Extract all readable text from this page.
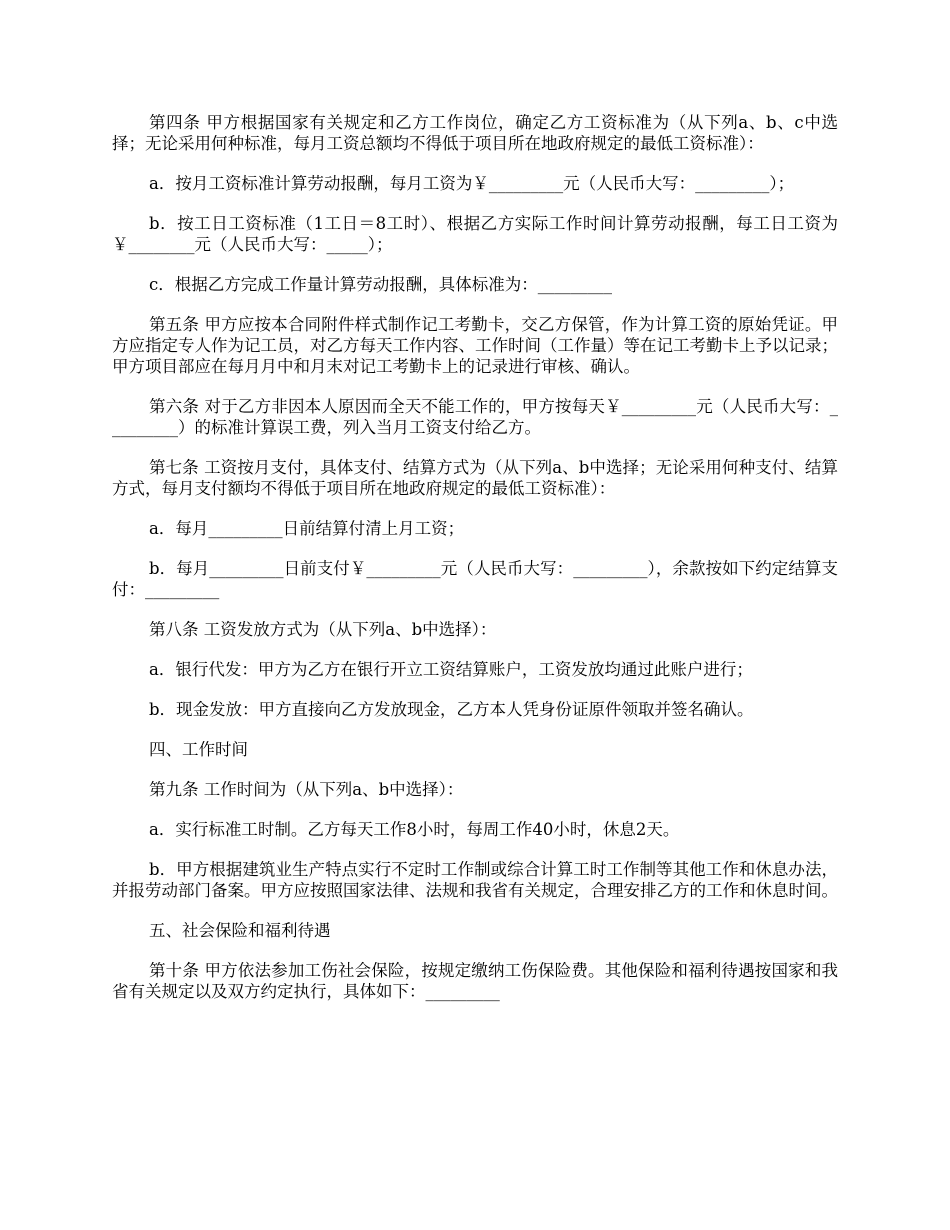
第四条 甲方根据国家有关规定和乙方工作岗位，确定乙方工资标准为（从下列a、b、c中选择；无论采用何种标准，每月工资总额均不得低于项目所在地政府规定的最低工资标准）：

a．按月工资标准计算劳动报酬，每月工资为￥_________元（人民币大写：_________）；

b．按工日工资标准（1工日＝8工时）、根据乙方实际工作时间计算劳动报酬，每工日工资为￥________元（人民币大写：_____）；

c．根据乙方完成工作量计算劳动报酬，具体标准为：_________

第五条 甲方应按本合同附件样式制作记工考勤卡，交乙方保管，作为计算工资的原始凭证。甲方应指定专人作为记工员，对乙方每天工作内容、工作时间（工作量）等在记工考勤卡上予以记录；甲方项目部应在每月月中和月末对记工考勤卡上的记录进行审核、确认。

第六条 对于乙方非因本人原因而全天不能工作的，甲方按每天￥_________元（人民币大写：_________）的标准计算误工费，列入当月工资支付给乙方。

第七条 工资按月支付，具体支付、结算方式为（从下列a、b中选择；无论采用何种支付、结算方式，每月支付额均不得低于项目所在地政府规定的最低工资标准）：

a．每月_________日前结算付清上月工资；

b．每月_________日前支付￥_________元（人民币大写：_________），余款按如下约定结算支付：_________

第八条 工资发放方式为（从下列a、b中选择）：

a．银行代发：甲方为乙方在银行开立工资结算账户，工资发放均通过此账户进行；

b．现金发放：甲方直接向乙方发放现金，乙方本人凭身份证原件领取并签名确认。

四、工作时间

第九条 工作时间为（从下列a、b中选择）：

a．实行标准工时制。乙方每天工作8小时，每周工作40小时，休息2天。

b．甲方根据建筑业生产特点实行不定时工作制或综合计算工时工作制等其他工作和休息办法，并报劳动部门备案。甲方应按照国家法律、法规和我省有关规定，合理安排乙方的工作和休息时间。

五、社会保险和福利待遇

第十条 甲方依法参加工伤社会保险，按规定缴纳工伤保险费。其他保险和福利待遇按国家和我省有关规定以及双方约定执行，具体如下：_________
